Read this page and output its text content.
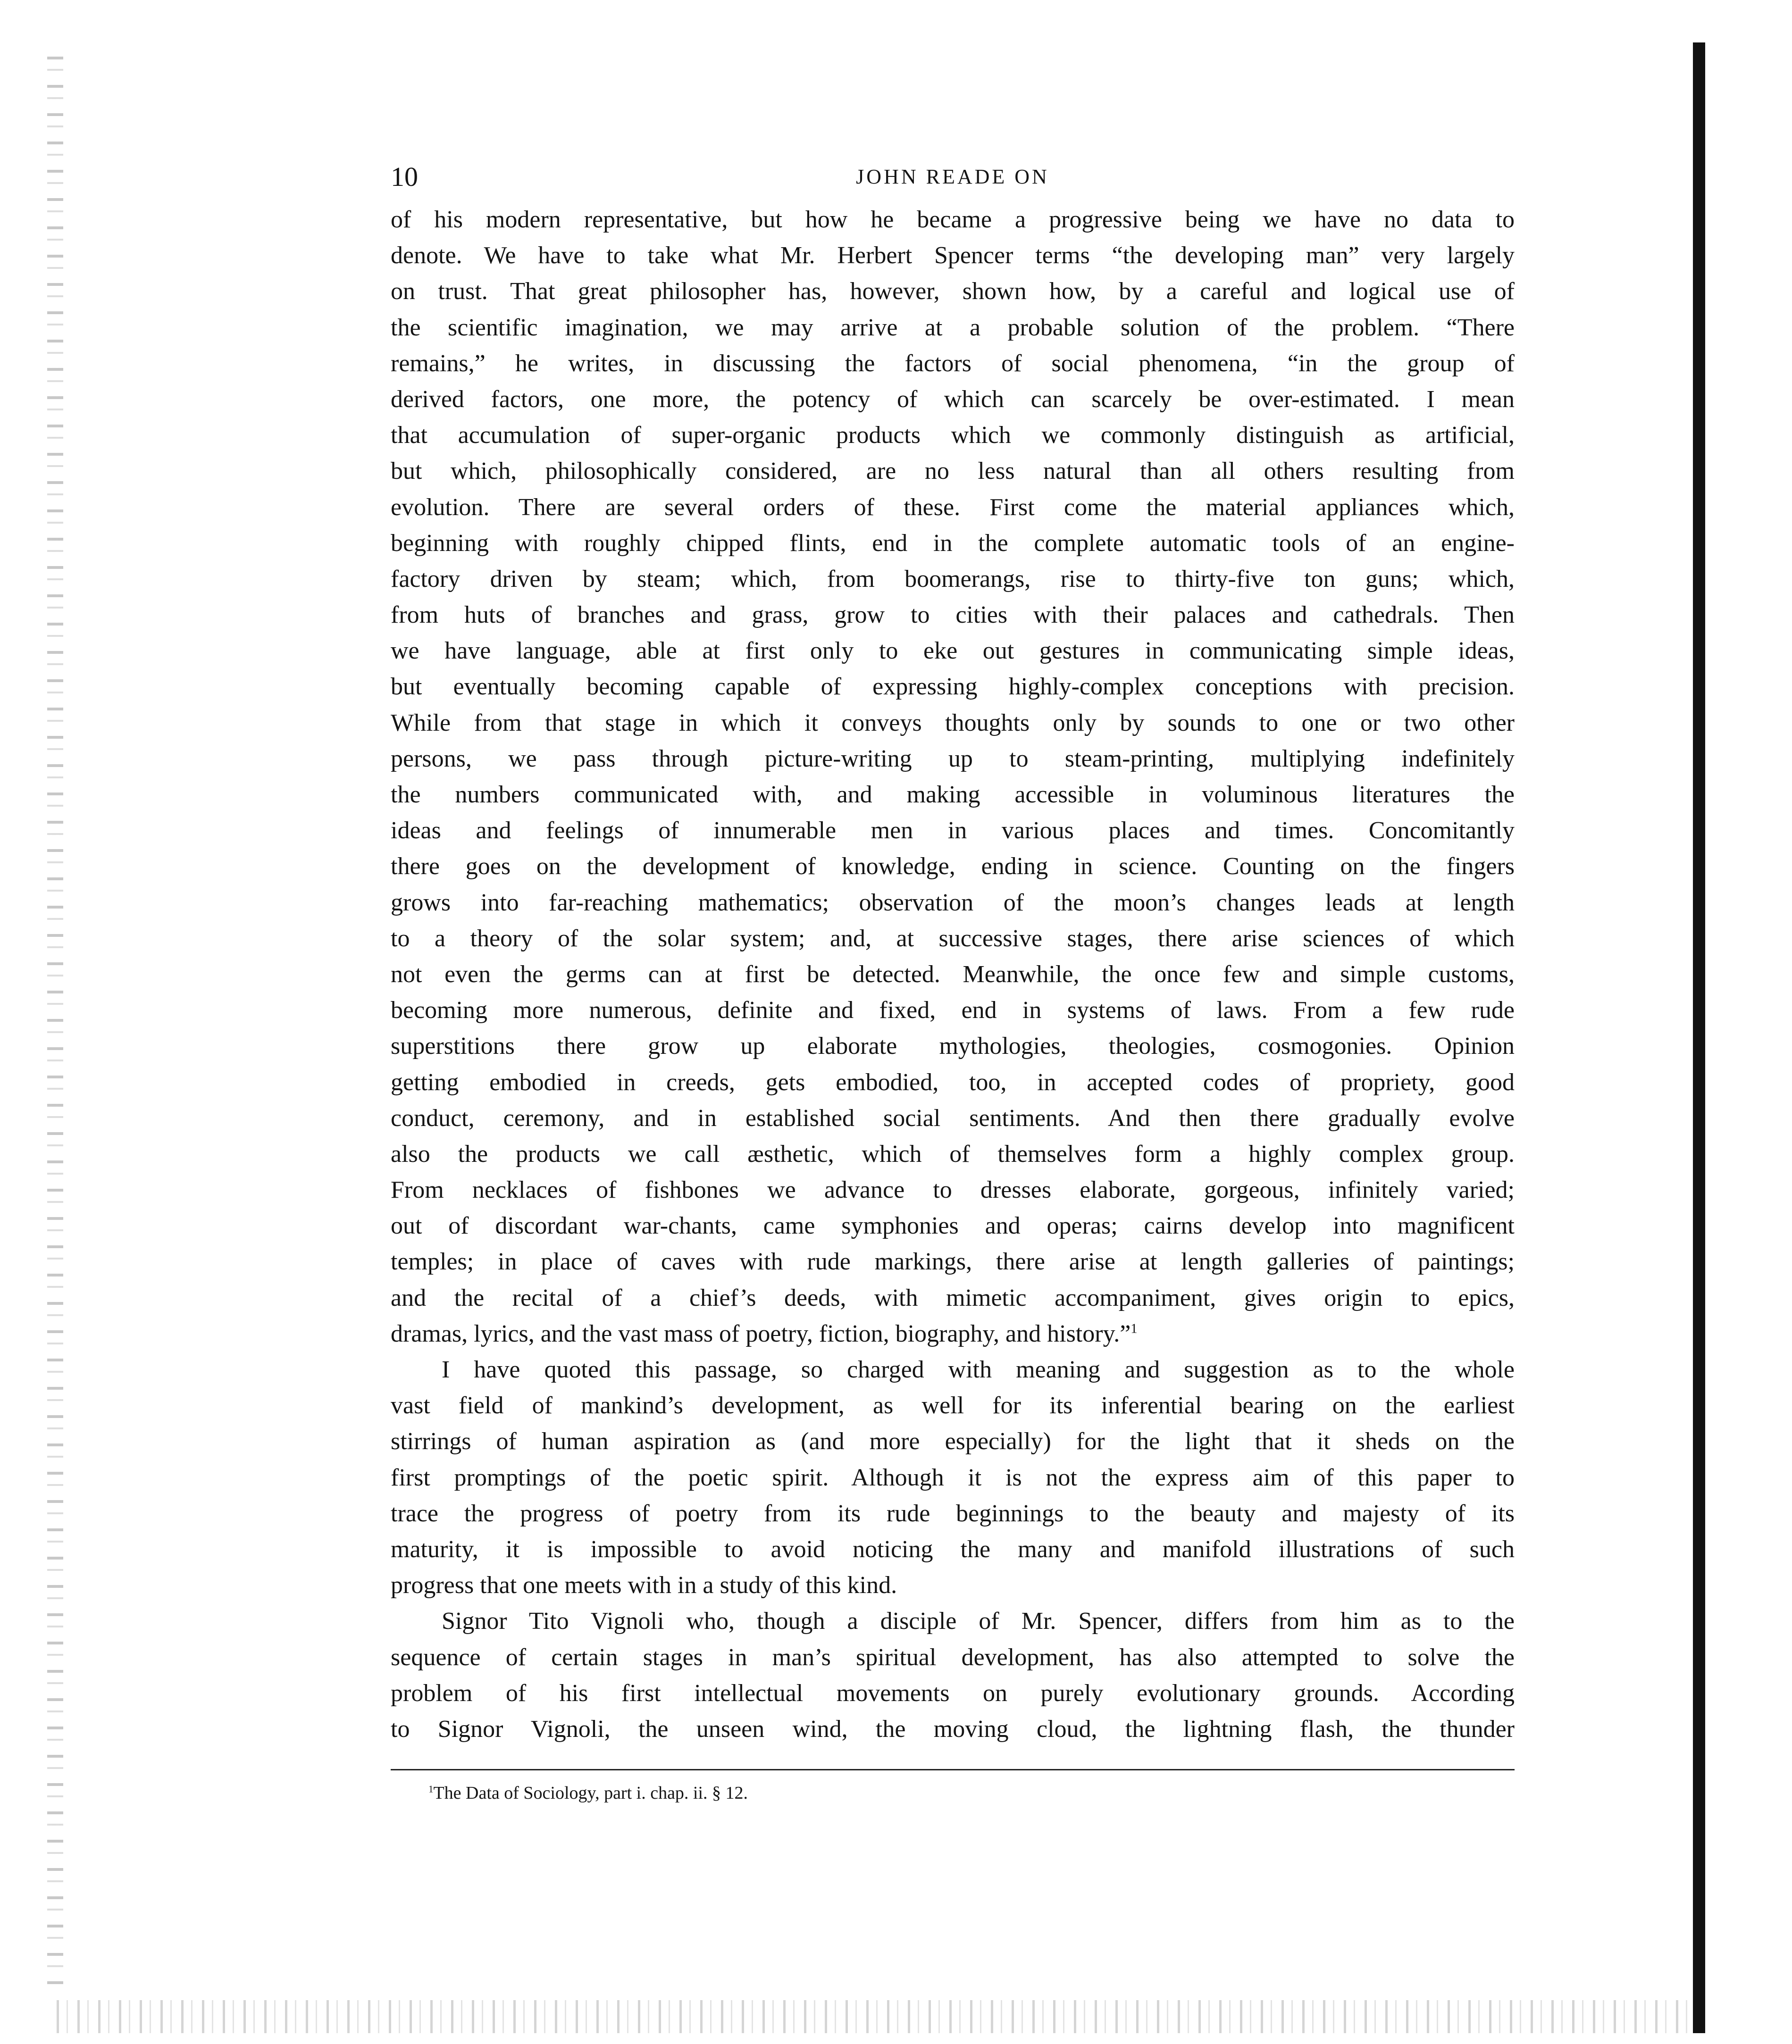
10	JOHN READE ON
of his modern representative, but how he became a progressive being we have no data to
denote. We have to take what Mr. Herbert Spencer terms “the developing man” very largely
on trust. That great philosopher has, however, shown how, by a careful and logical use of
the scientific imagination, we may arrive at a probable solution of the problem. “There
remains,” he writes, in discussing the factors of social phenomena, “in the group of
derived factors, one more, the potency of which can scarcely be over-estimated. I mean
that accumulation of super-organic products which we commonly distinguish as artificial,
but which, philosophically considered, are no less natural than all others resulting from
evolution. There are several orders of these. First come the material appliances which,
beginning with roughly chipped flints, end in the complete automatic tools of an engine-
factory driven by steam; which, from boomerangs, rise to thirty-five ton guns; which,
from huts of branches and grass, grow to cities with their palaces and cathedrals. Then
we have language, able at first only to eke out gestures in communicating simple ideas,
but eventually becoming capable of expressing highly-complex conceptions with precision.
While from that stage in which it conveys thoughts only by sounds to one or two other
persons, we pass through picture-writing up to steam-printing, multiplying indefinitely
the numbers communicated with, and making accessible in voluminous literatures the
ideas and feelings of innumerable men in various places and times. Concomitantly
there goes on the development of knowledge, ending in science. Counting on the fingers
grows into far-reaching mathematics; observation of the moon’s changes leads at length
to a theory of the solar system; and, at successive stages, there arise sciences of which
not even the germs can at first be detected. Meanwhile, the once few and simple customs,
becoming more numerous, definite and fixed, end in systems of laws. From a few rude
superstitions there grow up elaborate mythologies, theologies, cosmogonies. Opinion
getting embodied in creeds, gets embodied, too, in accepted codes of propriety, good
conduct, ceremony, and in established social sentiments. And then there gradually evolve
also the products we call æsthetic, which of themselves form a highly complex group.
From necklaces of fishbones we advance to dresses elaborate, gorgeous, infinitely varied;
out of discordant war-chants, came symphonies and operas; cairns develop into magnificent
temples; in place of caves with rude markings, there arise at length galleries of paintings;
and the recital of a chief’s deeds, with mimetic accompaniment, gives origin to epics,
dramas, lyrics, and the vast mass of poetry, fiction, biography, and history.”$^1$
I have quoted this passage, so charged with meaning and suggestion as to the whole
vast field of mankind’s development, as well for its inferential bearing on the earliest
stirrings of human aspiration as (and more especially) for the light that it sheds on the
first promptings of the poetic spirit. Although it is not the express aim of this paper to
trace the progress of poetry from its rude beginnings to the beauty and majesty of its
maturity, it is impossible to avoid noticing the many and manifold illustrations of such
progress that one meets with in a study of this kind.
Signor Tito Vignoli who, though a disciple of Mr. Spencer, differs from him as to the
sequence of certain stages in man’s spiritual development, has also attempted to solve the
problem of his first intellectual movements on purely evolutionary grounds. According
to Signor Vignoli, the unseen wind, the moving cloud, the lightning flash, the thunder
$^1$The Data of Sociology, part i. chap. ii. § 12.
